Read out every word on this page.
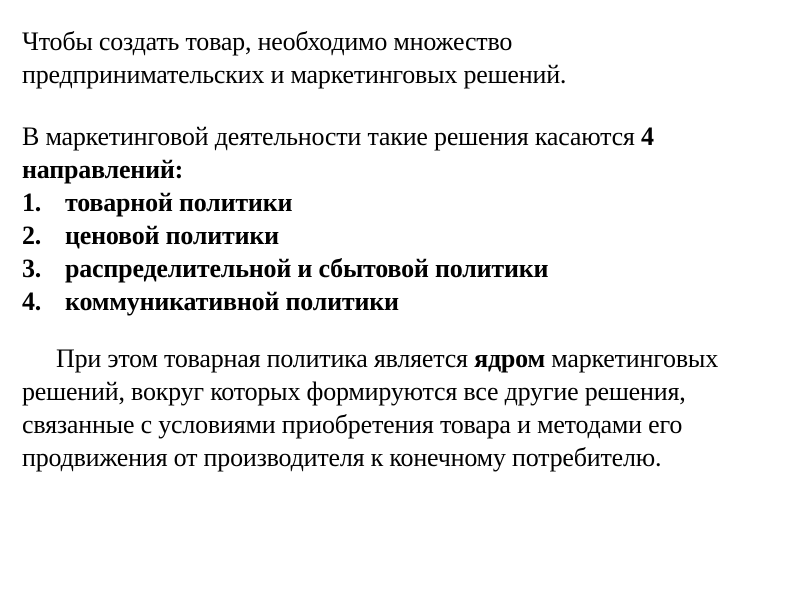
Чтобы создать товар, необходимо множество
предпринимательских и маркетинговых решений.

В маркетинговой деятельности такие решения касаются 4
направлений:

1. товарной политики
2. ценовой политики
3. распределительной и сбытовой политики
4. коммуникативной политики

При этом товарная политика является ядром маркетинговых
решений, вокруг которых формируются все другие решения,
связанные с условиями приобретения товара и методами его
продвижения от производителя к конечному потребителю.
